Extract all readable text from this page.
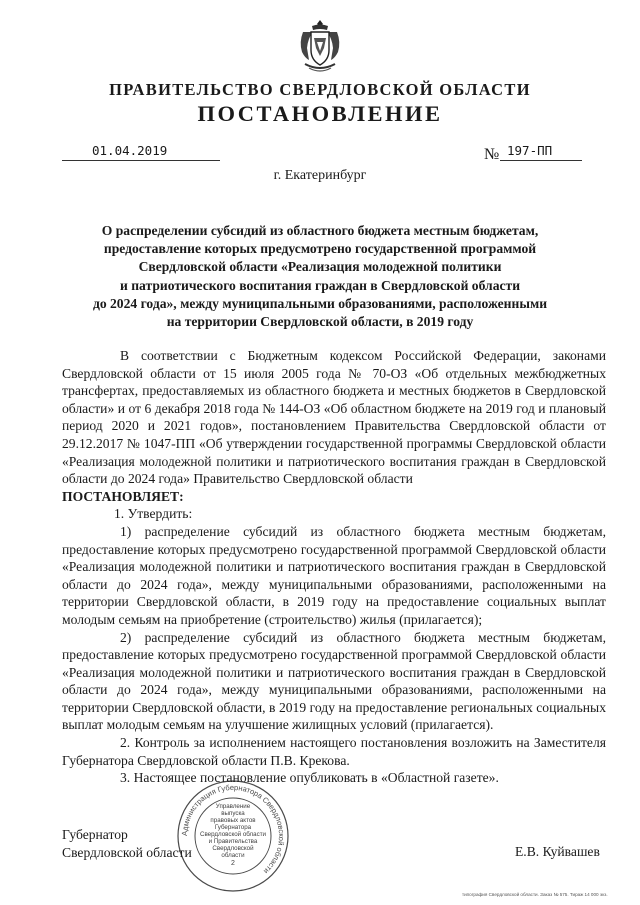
ПРАВИТЕЛЬСТВО СВЕРДЛОВСКОЙ ОБЛАСТИ
ПОСТАНОВЛЕНИЕ
01.04.2019	№ 197-ПП
г. Екатеринбург
О распределении субсидий из областного бюджета местным бюджетам,
предоставление которых предусмотрено государственной программой
Свердловской области «Реализация молодежной политики
и патриотического воспитания граждан в Свердловской области
до 2024 года», между муниципальными образованиями, расположенными
на территории Свердловской области, в 2019 году

В соответствии с Бюджетным кодексом Российской Федерации, законами Свердловской области от 15 июля 2005 года № 70-ОЗ «Об отдельных межбюджетных трансфертах, предоставляемых из областного бюджета и местных бюджетов в Свердловской области» и от 6 декабря 2018 года № 144-ОЗ «Об областном бюджете на 2019 год и плановый период 2020 и 2021 годов», постановлением Правительства Свердловской области от 29.12.2017 № 1047-ПП «Об утверждении государственной программы Свердловской области «Реализация молодежной политики и патриотического воспитания граждан в Свердловской области до 2024 года» Правительство Свердловской области

ПОСТАНОВЛЯЕТ:

1. Утвердить:

1) распределение субсидий из областного бюджета местным бюджетам, предоставление которых предусмотрено государственной программой Свердловской области «Реализация молодежной политики и патриотического воспитания граждан в Свердловской области до 2024 года», между муниципальными образованиями, расположенными на территории Свердловской области, в 2019 году на предоставление социальных выплат молодым семьям на приобретение (строительство) жилья (прилагается);

2) распределение субсидий из областного бюджета местным бюджетам, предоставление которых предусмотрено государственной программой Свердловской области «Реализация молодежной политики и патриотического воспитания граждан в Свердловской области до 2024 года», между муниципальными образованиями, расположенными на территории Свердловской области, в 2019 году на предоставление региональных социальных выплат молодым семьям на улучшение жилищных условий (прилагается).

2. Контроль за исполнением настоящего постановления возложить на Заместителя Губернатора Свердловской области П.В. Крекова.

3. Настоящее постановление опубликовать в «Областной газете».

Губернатор
Свердловской области	Е.В. Куйвашев
Администрация Губернатора Свердловской области
Управление
выпуска
правовых актов
Губернатора
Свердловской области
и Правительства
Свердловской
области
2
типография Свердловской области. Заказ № 575. Тираж 14 000 экз.
